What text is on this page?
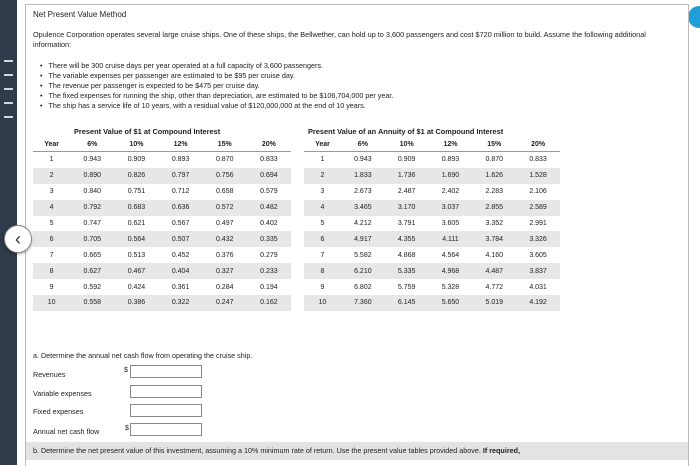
Net Present Value Method
Opulence Corporation operates several large cruise ships. One of these ships, the Bellwether, can hold up to 3,600 passengers and cost $720 million to build. Assume the following additional information:
• There will be 300 cruise days per year operated at a full capacity of 3,600 passengers.
• The variable expenses per passenger are estimated to be $95 per cruise day.
• The revenue per passenger is expected to be $475 per cruise day.
• The fixed expenses for running the ship, other than depreciation, are estimated to be $106,704,000 per year.
• The ship has a service life of 10 years, with a residual value of $120,000,000 at the end of 10 years.
Present Value of $1 at Compound Interest	Present Value of an Annuity of $1 at Compound Interest
Year	6%	10%	12%	15%	20%
1	0.943	0.909	0.893	0.870	0.833
2	0.890	0.826	0.797	0.756	0.694
3	0.840	0.751	0.712	0.658	0.579
4	0.792	0.683	0.636	0.572	0.482
5	0.747	0.621	0.567	0.497	0.402
6	0.705	0.564	0.507	0.432	0.335
7	0.665	0.513	0.452	0.376	0.279
8	0.627	0.467	0.404	0.327	0.233
9	0.592	0.424	0.361	0.284	0.194
10	0.558	0.386	0.322	0.247	0.162
Year	6%	10%	12%	15%	20%
1	0.943	0.909	0.893	0.870	0.833
2	1.833	1.736	1.690	1.626	1.528
3	2.673	2.487	2.402	2.283	2.106
4	3.465	3.170	3.037	2.855	2.589
5	4.212	3.791	3.605	3.352	2.991
6	4.917	4.355	4.111	3.784	3.326
7	5.582	4.868	4.564	4.160	3.605
8	6.210	5.335	4.968	4.487	3.837
9	6.802	5.759	5.328	4.772	4.031
10	7.360	6.145	5.650	5.019	4.192
a. Determine the annual net cash flow from operating the cruise ship.
Revenues	$
Variable expenses
Fixed expenses
Annual net cash flow	$
b. Determine the net present value of this investment, assuming a 10% minimum rate of return. Use the present value tables provided above. If required,
‹
